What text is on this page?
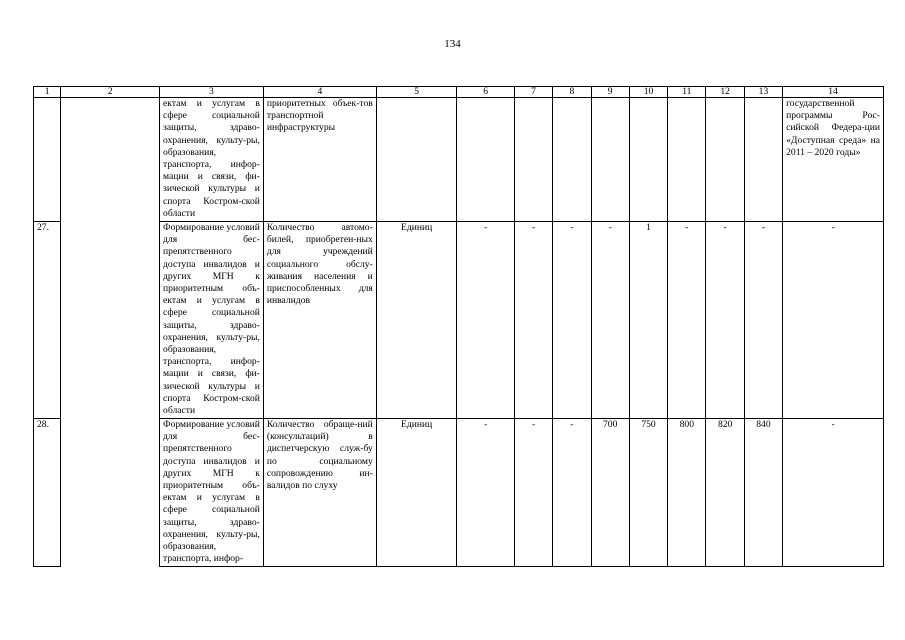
134
1	2	3	4	5	6	7	8	9	10	11	12	13	14
		ектам и услугам в сфере социальной защиты, здраво-охранения, культу-ры, образования, транспорта, инфор-мации и связи, фи-зической культуры и спорта Костром-ской области	приоритетных объек-тов транспортной инфраструктуры										государственной программы Рос-сийской Федера-ции «Доступная среда» на 2011 – 2020 годы»
27.		Формирование условий для бес-препятственного доступа инвалидов и других МГН к приоритетным объ-ектам и услугам в сфере социальной защиты, здраво-охранения, культу-ры, образования, транспорта, инфор-мации и связи, фи-зической культуры и спорта Костром-ской области	Количество автомо-билей, приобретен-ных для учреждений социального обслу-живания населения и приспособленных для инвалидов	Единиц	-	-	-	-	1	-	-	-	-
28.		Формирование условий для бес-препятственного доступа инвалидов и других МГН к приоритетным объ-ектам и услугам в сфере социальной защиты, здраво-охранения, культу-ры, образования, транспорта, инфор-	Количество обраще-ний (консультаций) в диспетчерскую служ-бу по социальному сопровождению ин-валидов по слуху	Единиц	-	-	-	700	750	800	820	840	-
